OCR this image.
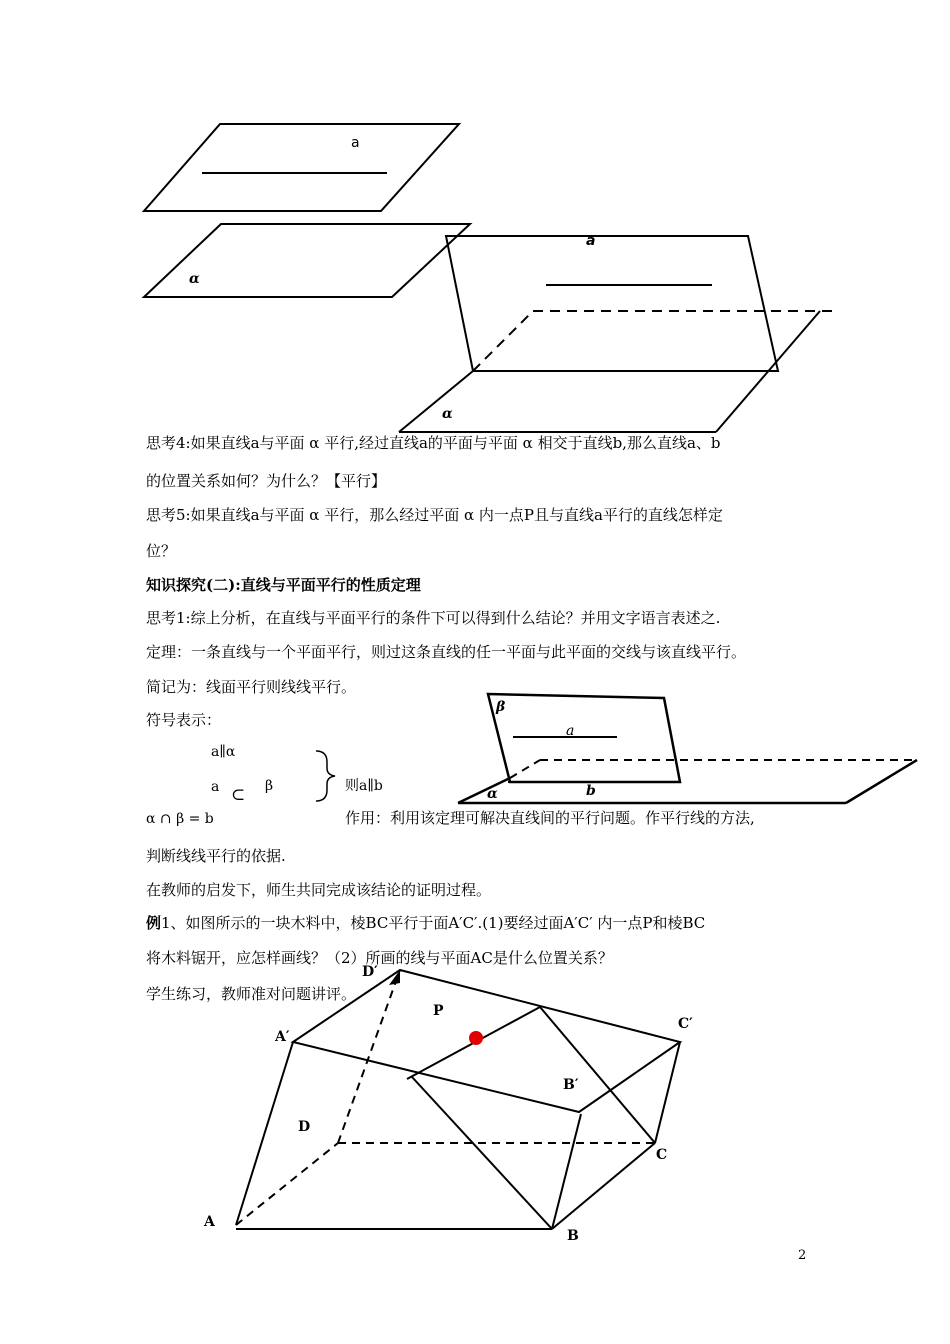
a
α
a
α
思考4:如果直线a与平面 α 平行,经过直线a的平面与平面 α 相交于直线b,那么直线a、b
的位置关系如何？为什么？【平行】
思考5:如果直线a与平面 α 平行，那么经过平面 α 内一点P且与直线a平行的直线怎样定
位？
知识探究(二):直线与平面平行的性质定理
思考1:综上分析，在直线与平面平行的条件下可以得到什么结论？并用文字语言表述之.
定理：一条直线与一个平面平行，则过这条直线的任一平面与此平面的交线与该直线平行。
简记为：线面平行则线线平行。
符号表示：
a∥α
a ⊂ β	则a∥b
α ∩ β = b	作用：利用该定理可解决直线间的平行问题。作平行线的方法,
判断线线平行的依据.
β
a
b
α
在教师的启发下，师生共同完成该结论的证明过程。
例1、如图所示的一块木料中，棱BC平行于面A′C′.(1)要经过面A′C′ 内一点P和棱BC
将木料锯开，应怎样画线？（2）所画的线与平面AC是什么位置关系？
学生练习，教师准对问题讲评。
D′
P
A′
C′
B′
D
C
A
B
2
